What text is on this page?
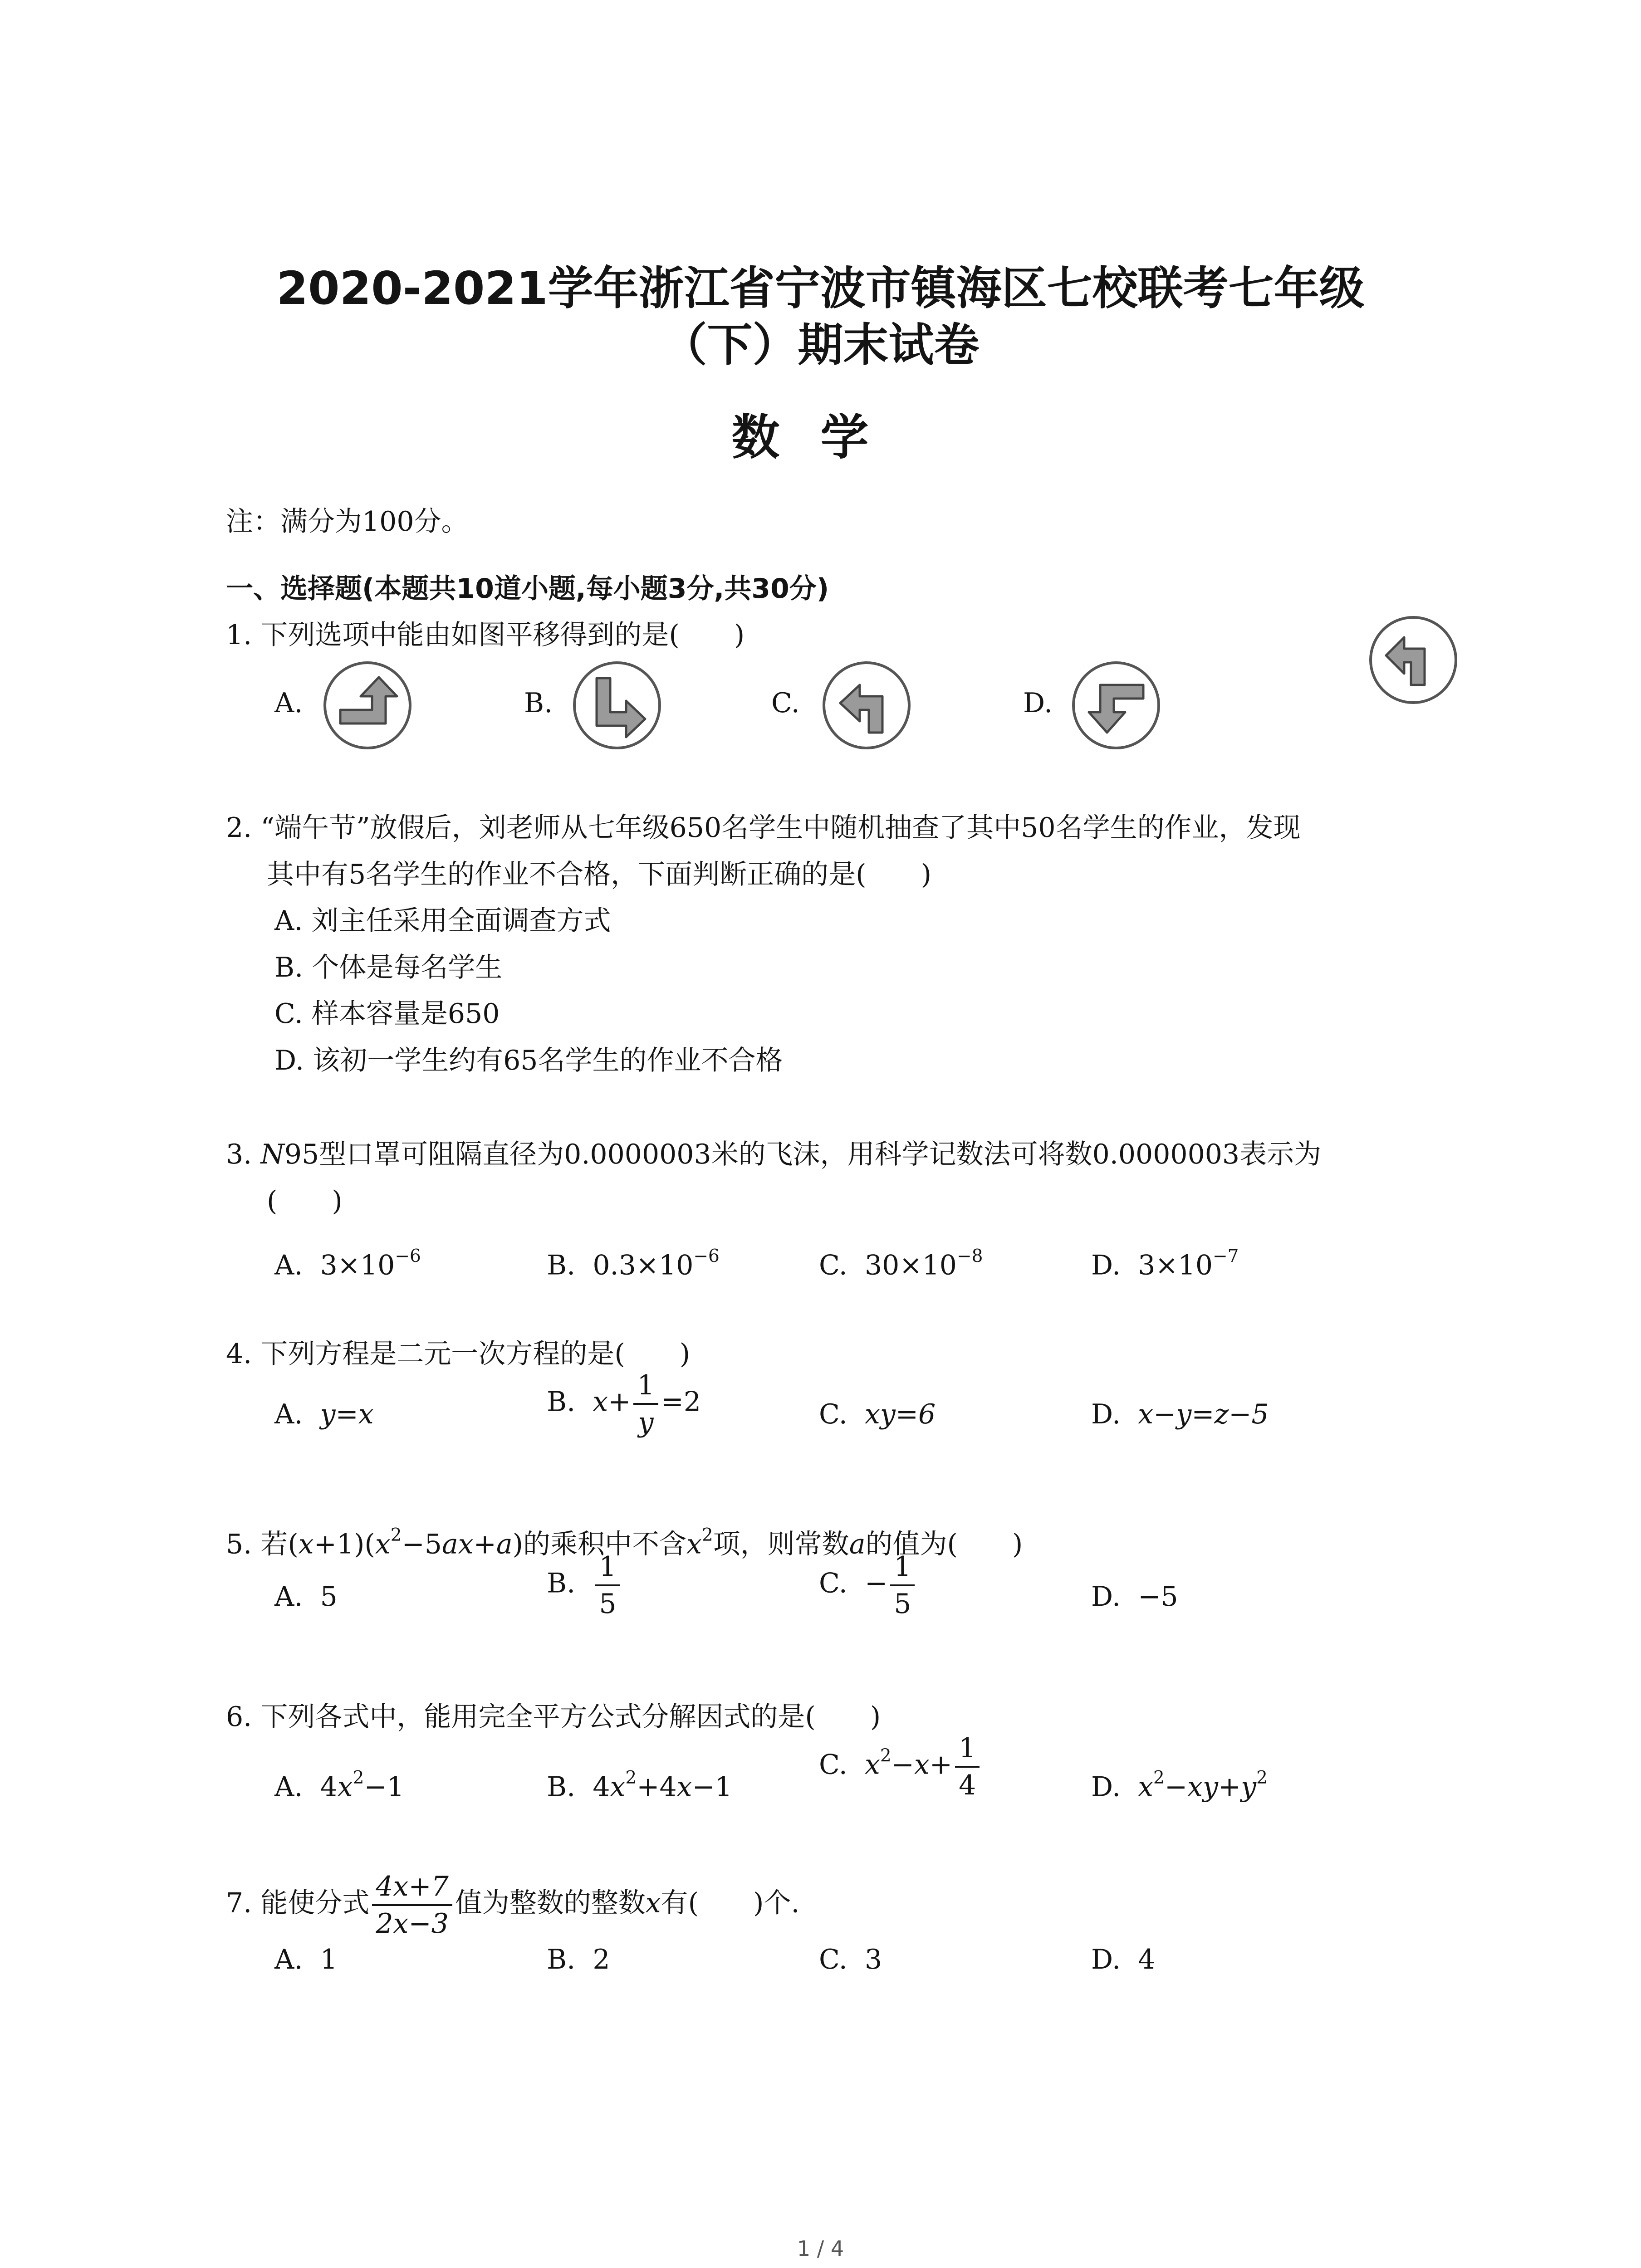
2020-2021学年浙江省宁波市镇海区七校联考七年级
（下）期末试卷
数学
注：满分为100分。
一、选择题(本题共10道小题,每小题3分,共30分)
1. 下列选项中能由如图平移得到的是(　　)
A.	B.	C.	D.
2. “端午节”放假后，刘老师从七年级650名学生中随机抽查了其中50名学生的作业，发现
其中有5名学生的作业不合格，下面判断正确的是(　　)
A. 刘主任采用全面调查方式
B. 个体是每名学生
C. 样本容量是650
D. 该初一学生约有65名学生的作业不合格
3. N95型口罩可阻隔直径为0.0000003米的飞沫，用科学记数法可将数0.0000003表示为
(　　)
A. $3\times 10^{-6}$	B. $0.3\times 10^{-6}$	C. $30\times 10^{-8}$	D. $3\times 10^{-7}$
4. 下列方程是二元一次方程的是(　　)
A. y=x	B. $x+ \frac{1}{y} =2$	C. xy=6	D. x−y=z−5
5. 若$(x+1)(x^2-5ax+a)$的乘积中不含$x^2$项，则常数a的值为(　　)
A. 5	B. $\frac{1}{5}$	C. − $\frac{1}{5}$	D. −5
6. 下列各式中，能用完全平方公式分解因式的是(　　)
A. $4x^2-1$	B. $4x^2+4x-1$
C. $x^2-x+ \frac{1}{4}$	D. $x^2-xy+y^2$
7. 能使分式 $\frac{4x+7}{2x-3}$ 值为整数的整数x有(　　)个.
A. 1	B. 2	C. 3	D. 4
1 / 4
